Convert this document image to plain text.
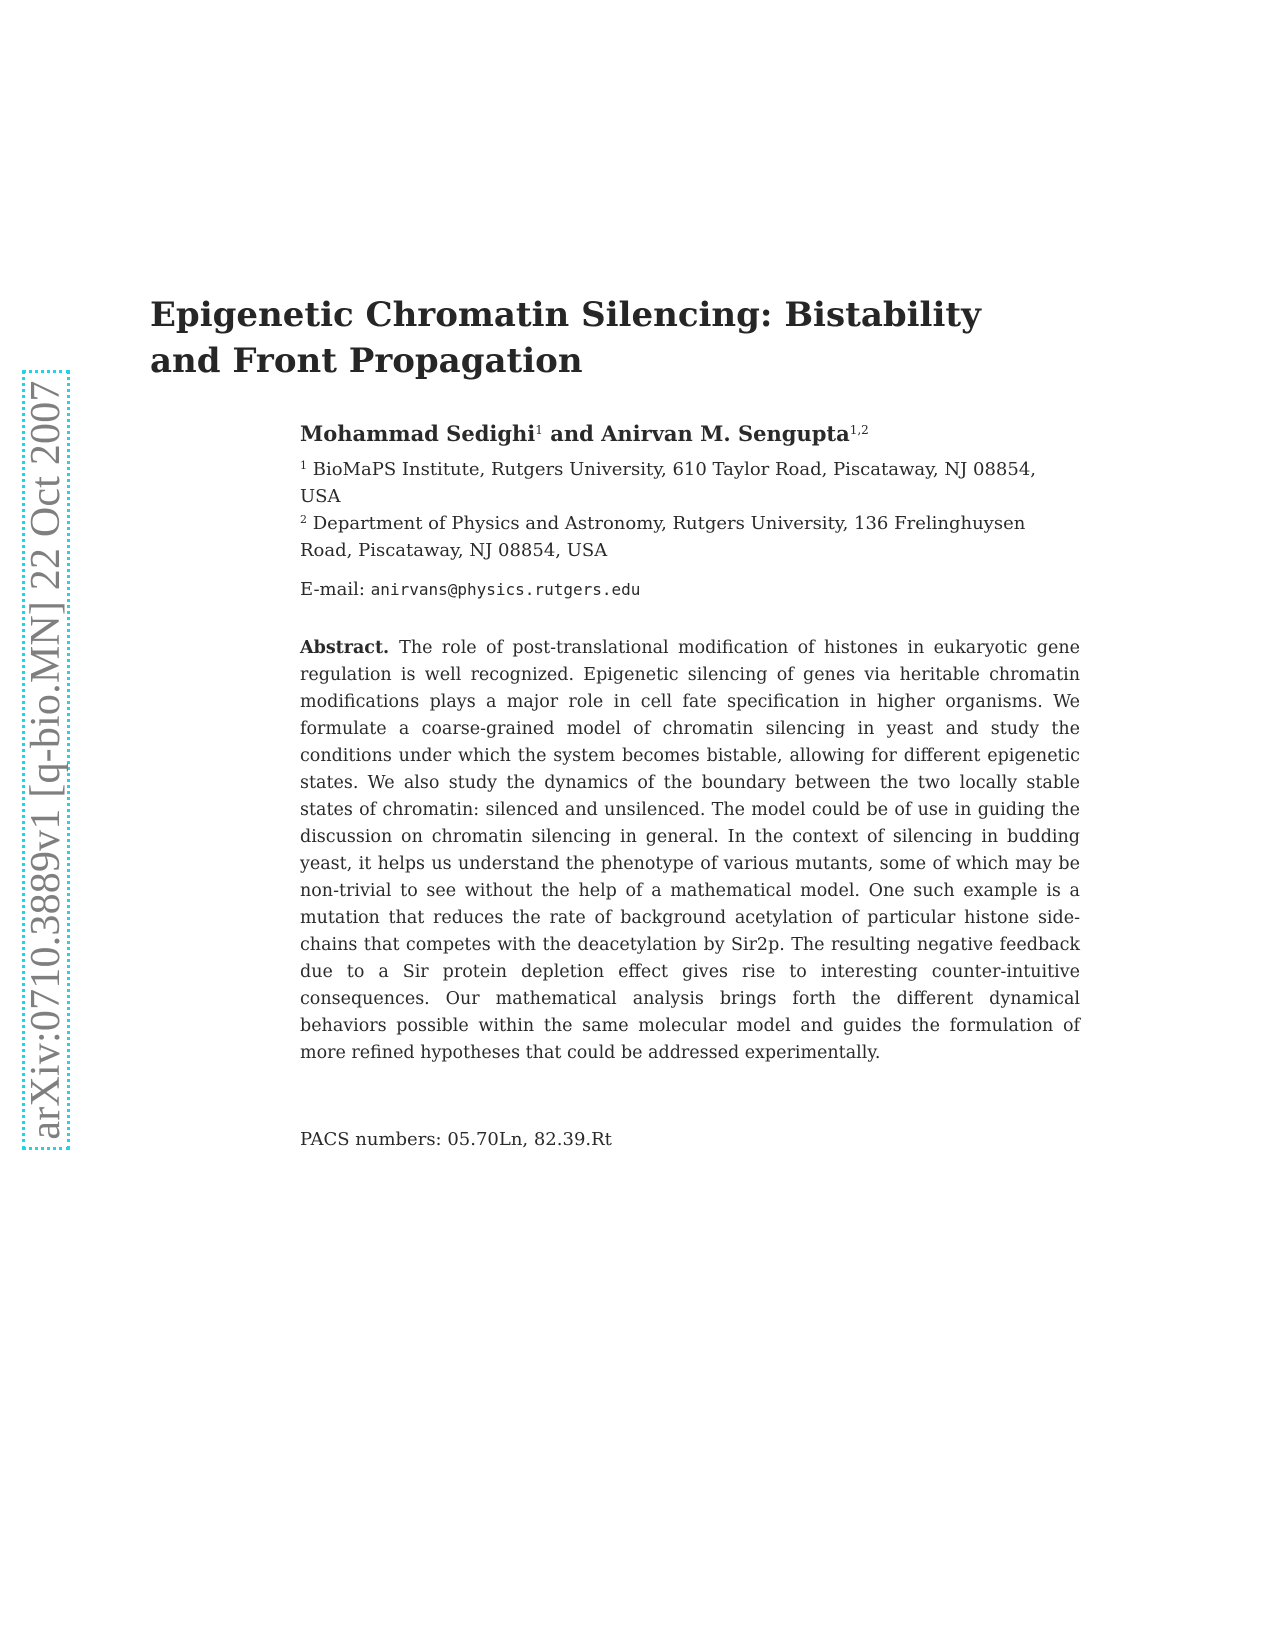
arXiv:0710.3889v1 [q-bio.MN] 22 Oct 2007
Epigenetic Chromatin Silencing: Bistability and Front Propagation
Mohammad Sedighi$^1$ and Anirvan M. Sengupta$^{1,2}$
$^1$ BioMaPS Institute, Rutgers University, 610 Taylor Road, Piscataway, NJ 08854, USA
$^2$ Department of Physics and Astronomy, Rutgers University, 136 Frelinghuysen Road, Piscataway, NJ 08854, USA
E-mail: anirvans@physics.rutgers.edu
Abstract. The role of post-translational modification of histones in eukaryotic gene regulation is well recognized. Epigenetic silencing of genes via heritable chromatin modifications plays a major role in cell fate specification in higher organisms. We formulate a coarse-grained model of chromatin silencing in yeast and study the conditions under which the system becomes bistable, allowing for different epigenetic states. We also study the dynamics of the boundary between the two locally stable states of chromatin: silenced and unsilenced. The model could be of use in guiding the discussion on chromatin silencing in general. In the context of silencing in budding yeast, it helps us understand the phenotype of various mutants, some of which may be non-trivial to see without the help of a mathematical model. One such example is a mutation that reduces the rate of background acetylation of particular histone side-chains that competes with the deacetylation by Sir2p. The resulting negative feedback due to a Sir protein depletion effect gives rise to interesting counter-intuitive consequences. Our mathematical analysis brings forth the different dynamical behaviors possible within the same molecular model and guides the formulation of more refined hypotheses that could be addressed experimentally.
PACS numbers: 05.70Ln, 82.39.Rt
